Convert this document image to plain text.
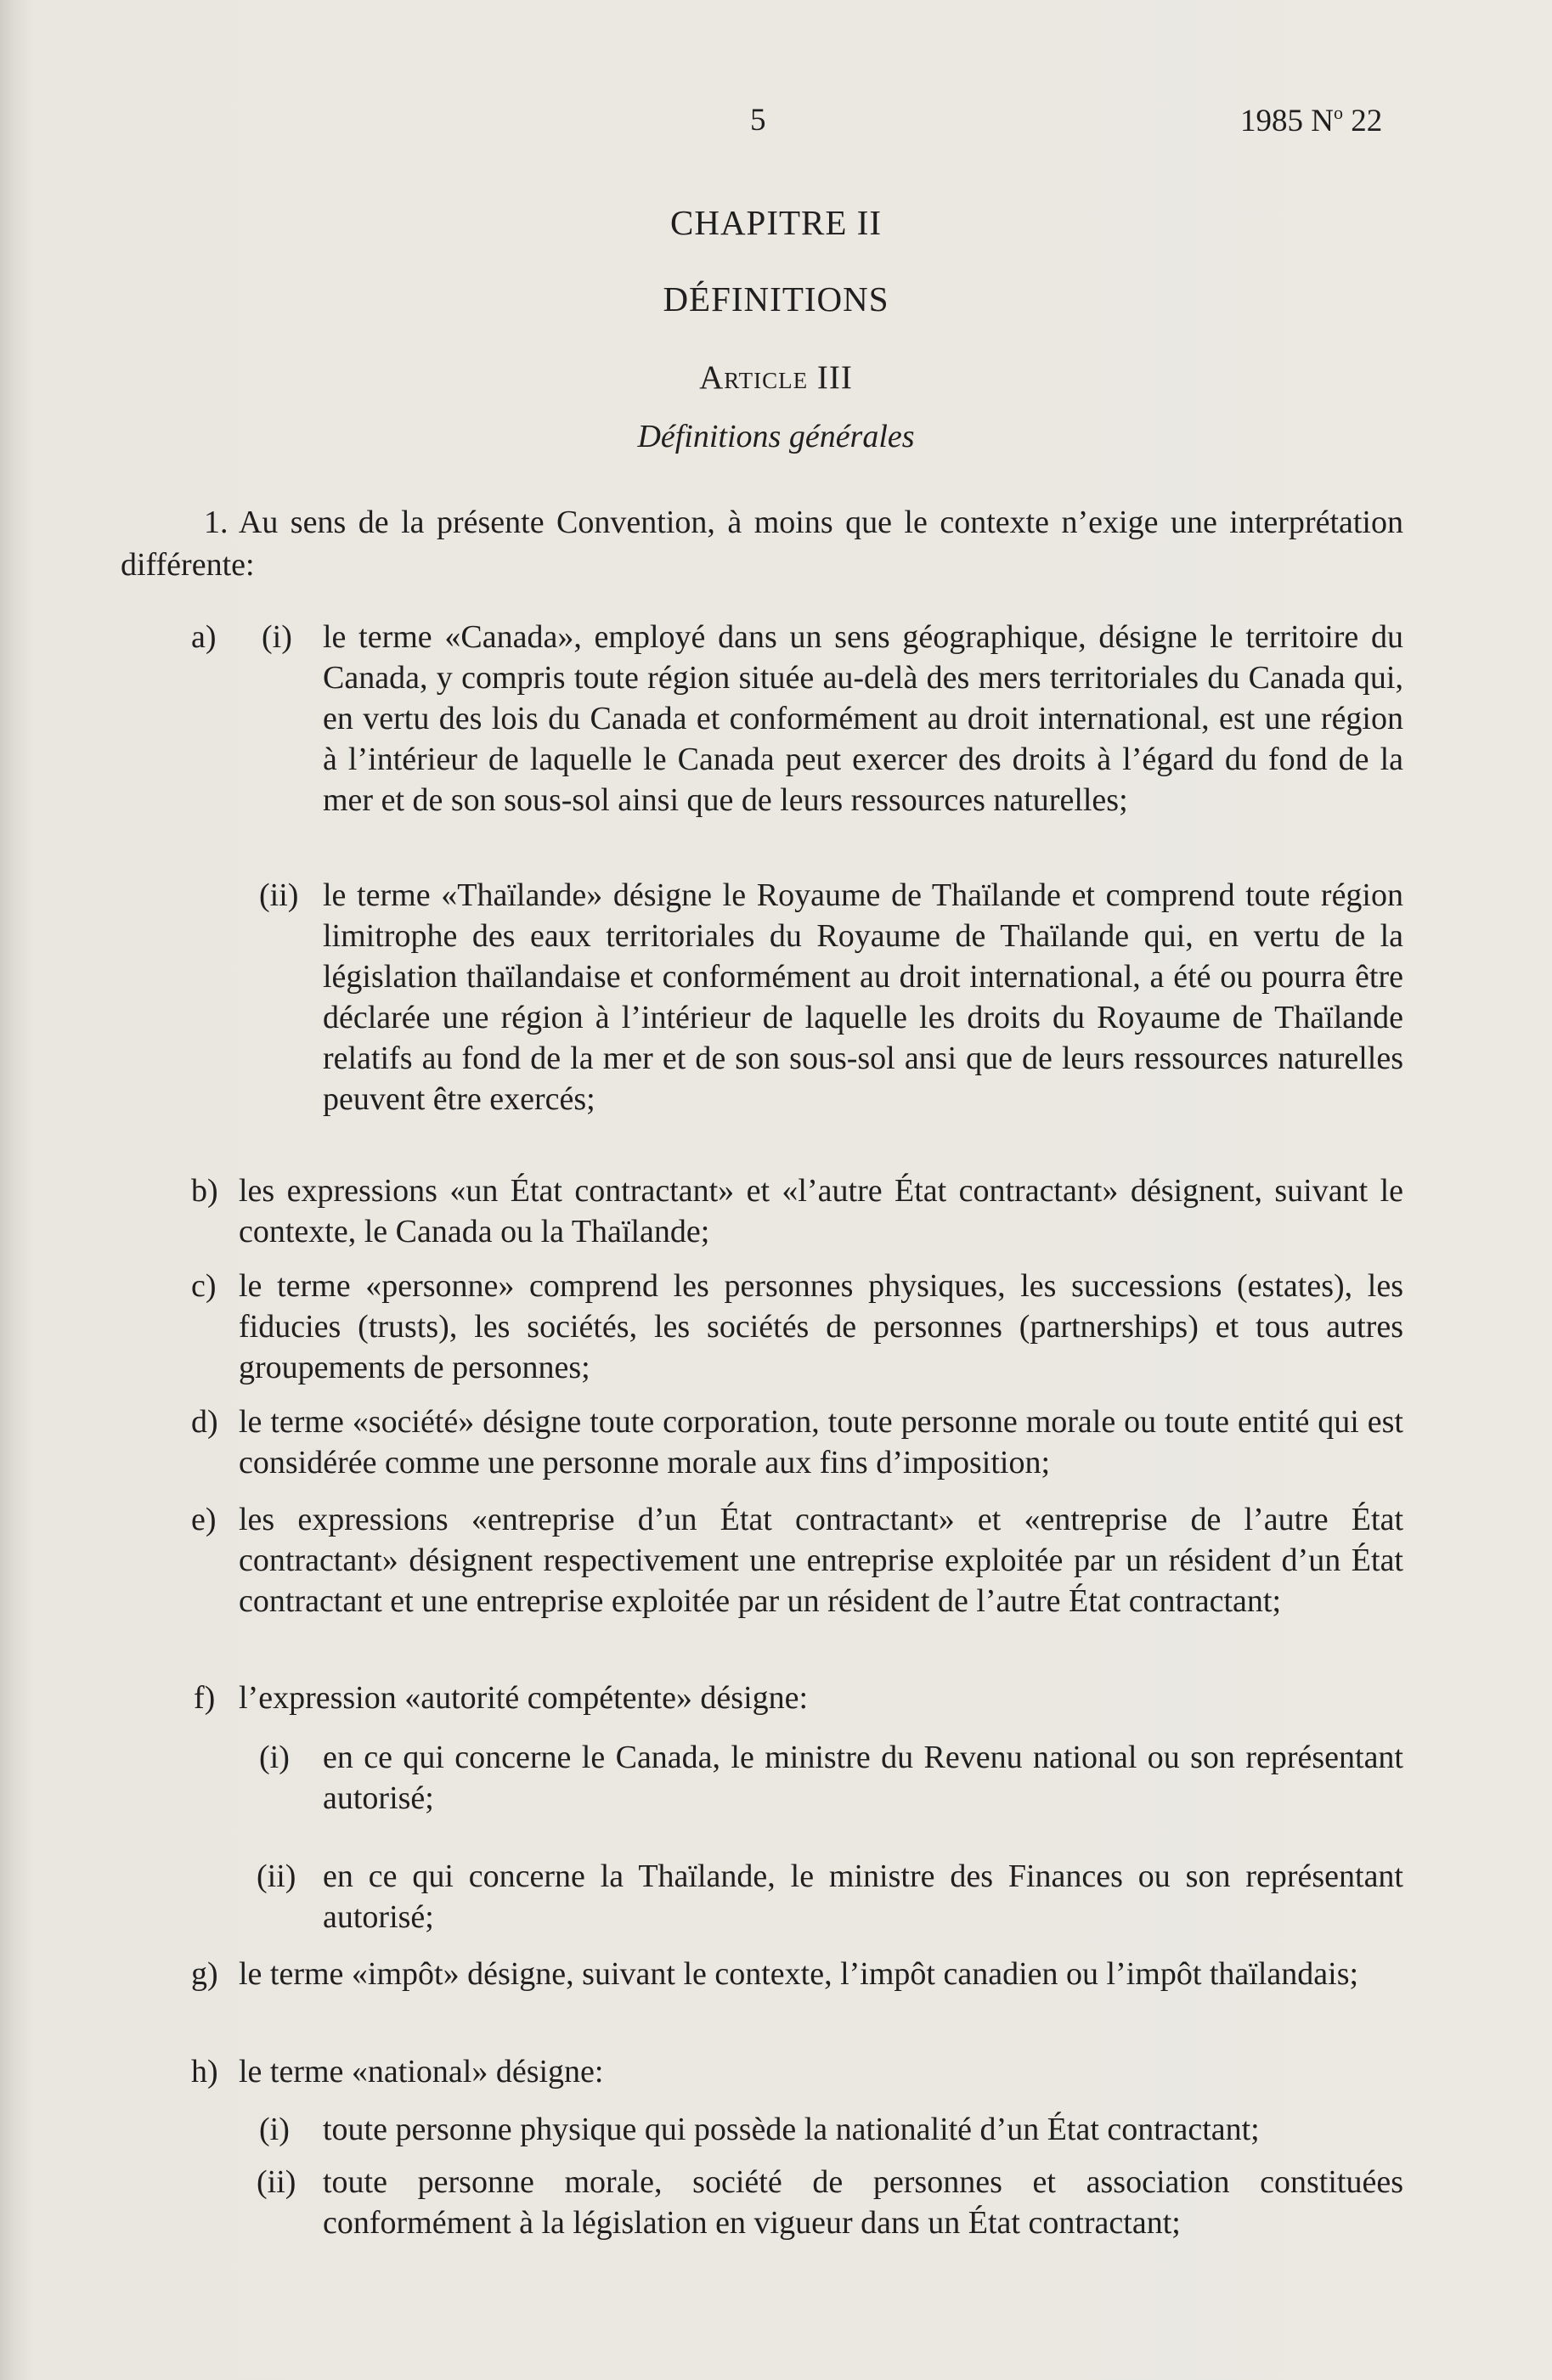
5	1985 $N^o$ 22
CHAPITRE II
DÉFINITIONS
Article III
Définitions générales
1. Au sens de la présente Convention, à moins que le contexte n’exige une interprétation différente:
a) (i) le terme «Canada», employé dans un sens géographique, désigne le territoire du Canada, y compris toute région située au-delà des mers territoriales du Canada qui, en vertu des lois du Canada et conformément au droit international, est une région à l’intérieur de laquelle le Canada peut exercer des droits à l’égard du fond de la mer et de son sous-sol ainsi que de leurs ressources naturelles;
(ii) le terme «Thaïlande» désigne le Royaume de Thaïlande et comprend toute région limitrophe des eaux territoriales du Royaume de Thaïlande qui, en vertu de la législation thaïlandaise et conformément au droit international, a été ou pourra être déclarée une région à l’intérieur de laquelle les droits du Royaume de Thaïlande relatifs au fond de la mer et de son sous-sol ansi que de leurs ressources naturelles peuvent être exercés;
b) les expressions «un État contractant» et «l’autre État contractant» désignent, suivant le contexte, le Canada ou la Thaïlande;
c) le terme «personne» comprend les personnes physiques, les successions (estates), les fiducies (trusts), les sociétés, les sociétés de personnes (partnerships) et tous autres groupements de personnes;
d) le terme «société» désigne toute corporation, toute personne morale ou toute entité qui est considérée comme une personne morale aux fins d’imposition;
e) les expressions «entreprise d’un État contractant» et «entreprise de l’autre État contractant» désignent respectivement une entreprise exploitée par un résident d’un État contractant et une entreprise exploitée par un résident de l’autre État contractant;
f) l’expression «autorité compétente» désigne:
(i) en ce qui concerne le Canada, le ministre du Revenu national ou son représentant autorisé;
(ii) en ce qui concerne la Thaïlande, le ministre des Finances ou son représentant autorisé;
g) le terme «impôt» désigne, suivant le contexte, l’impôt canadien ou l’impôt thaïlandais;
h) le terme «national» désigne:
(i) toute personne physique qui possède la nationalité d’un État contractant;
(ii) toute personne morale, société de personnes et association constituées conformément à la législation en vigueur dans un État contractant;
